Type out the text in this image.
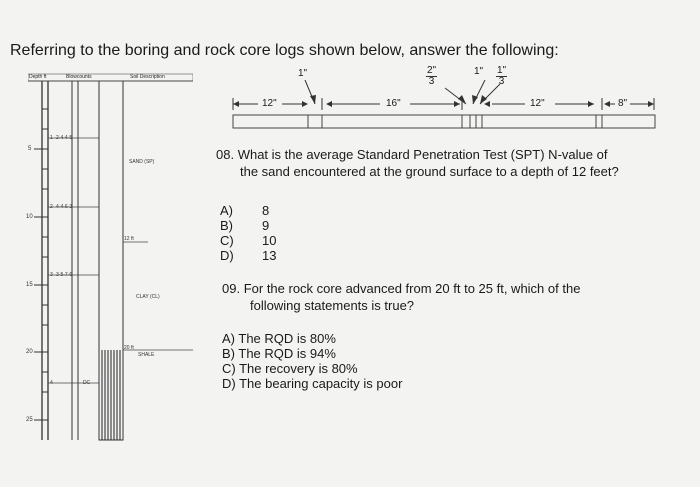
Referring to the boring and rock core logs shown below, answer the following:
Depth ft	Blowcounts	Soil Description
5
10
15
20
25
1 2-4-4-5
2 4-4-6-3
3 3-5-7-6
4	DC
SAND (SP)
CLAY (CL)
SHALE
12 ft
20 ft
1"	$\frac{2"}{3}$	1" $\frac{1"}{3}$
12"	16"	12"	8"
08. What is the average Standard Penetration Test (SPT) N-value of
the sand encountered at the ground surface to a depth of 12 feet?
A) 8
B) 9
C) 10
D) 13
09. For the rock core advanced from 20 ft to 25 ft, which of the
following statements is true?
A) The RQD is 80%
B) The RQD is 94%
C) The recovery is 80%
D) The bearing capacity is poor
